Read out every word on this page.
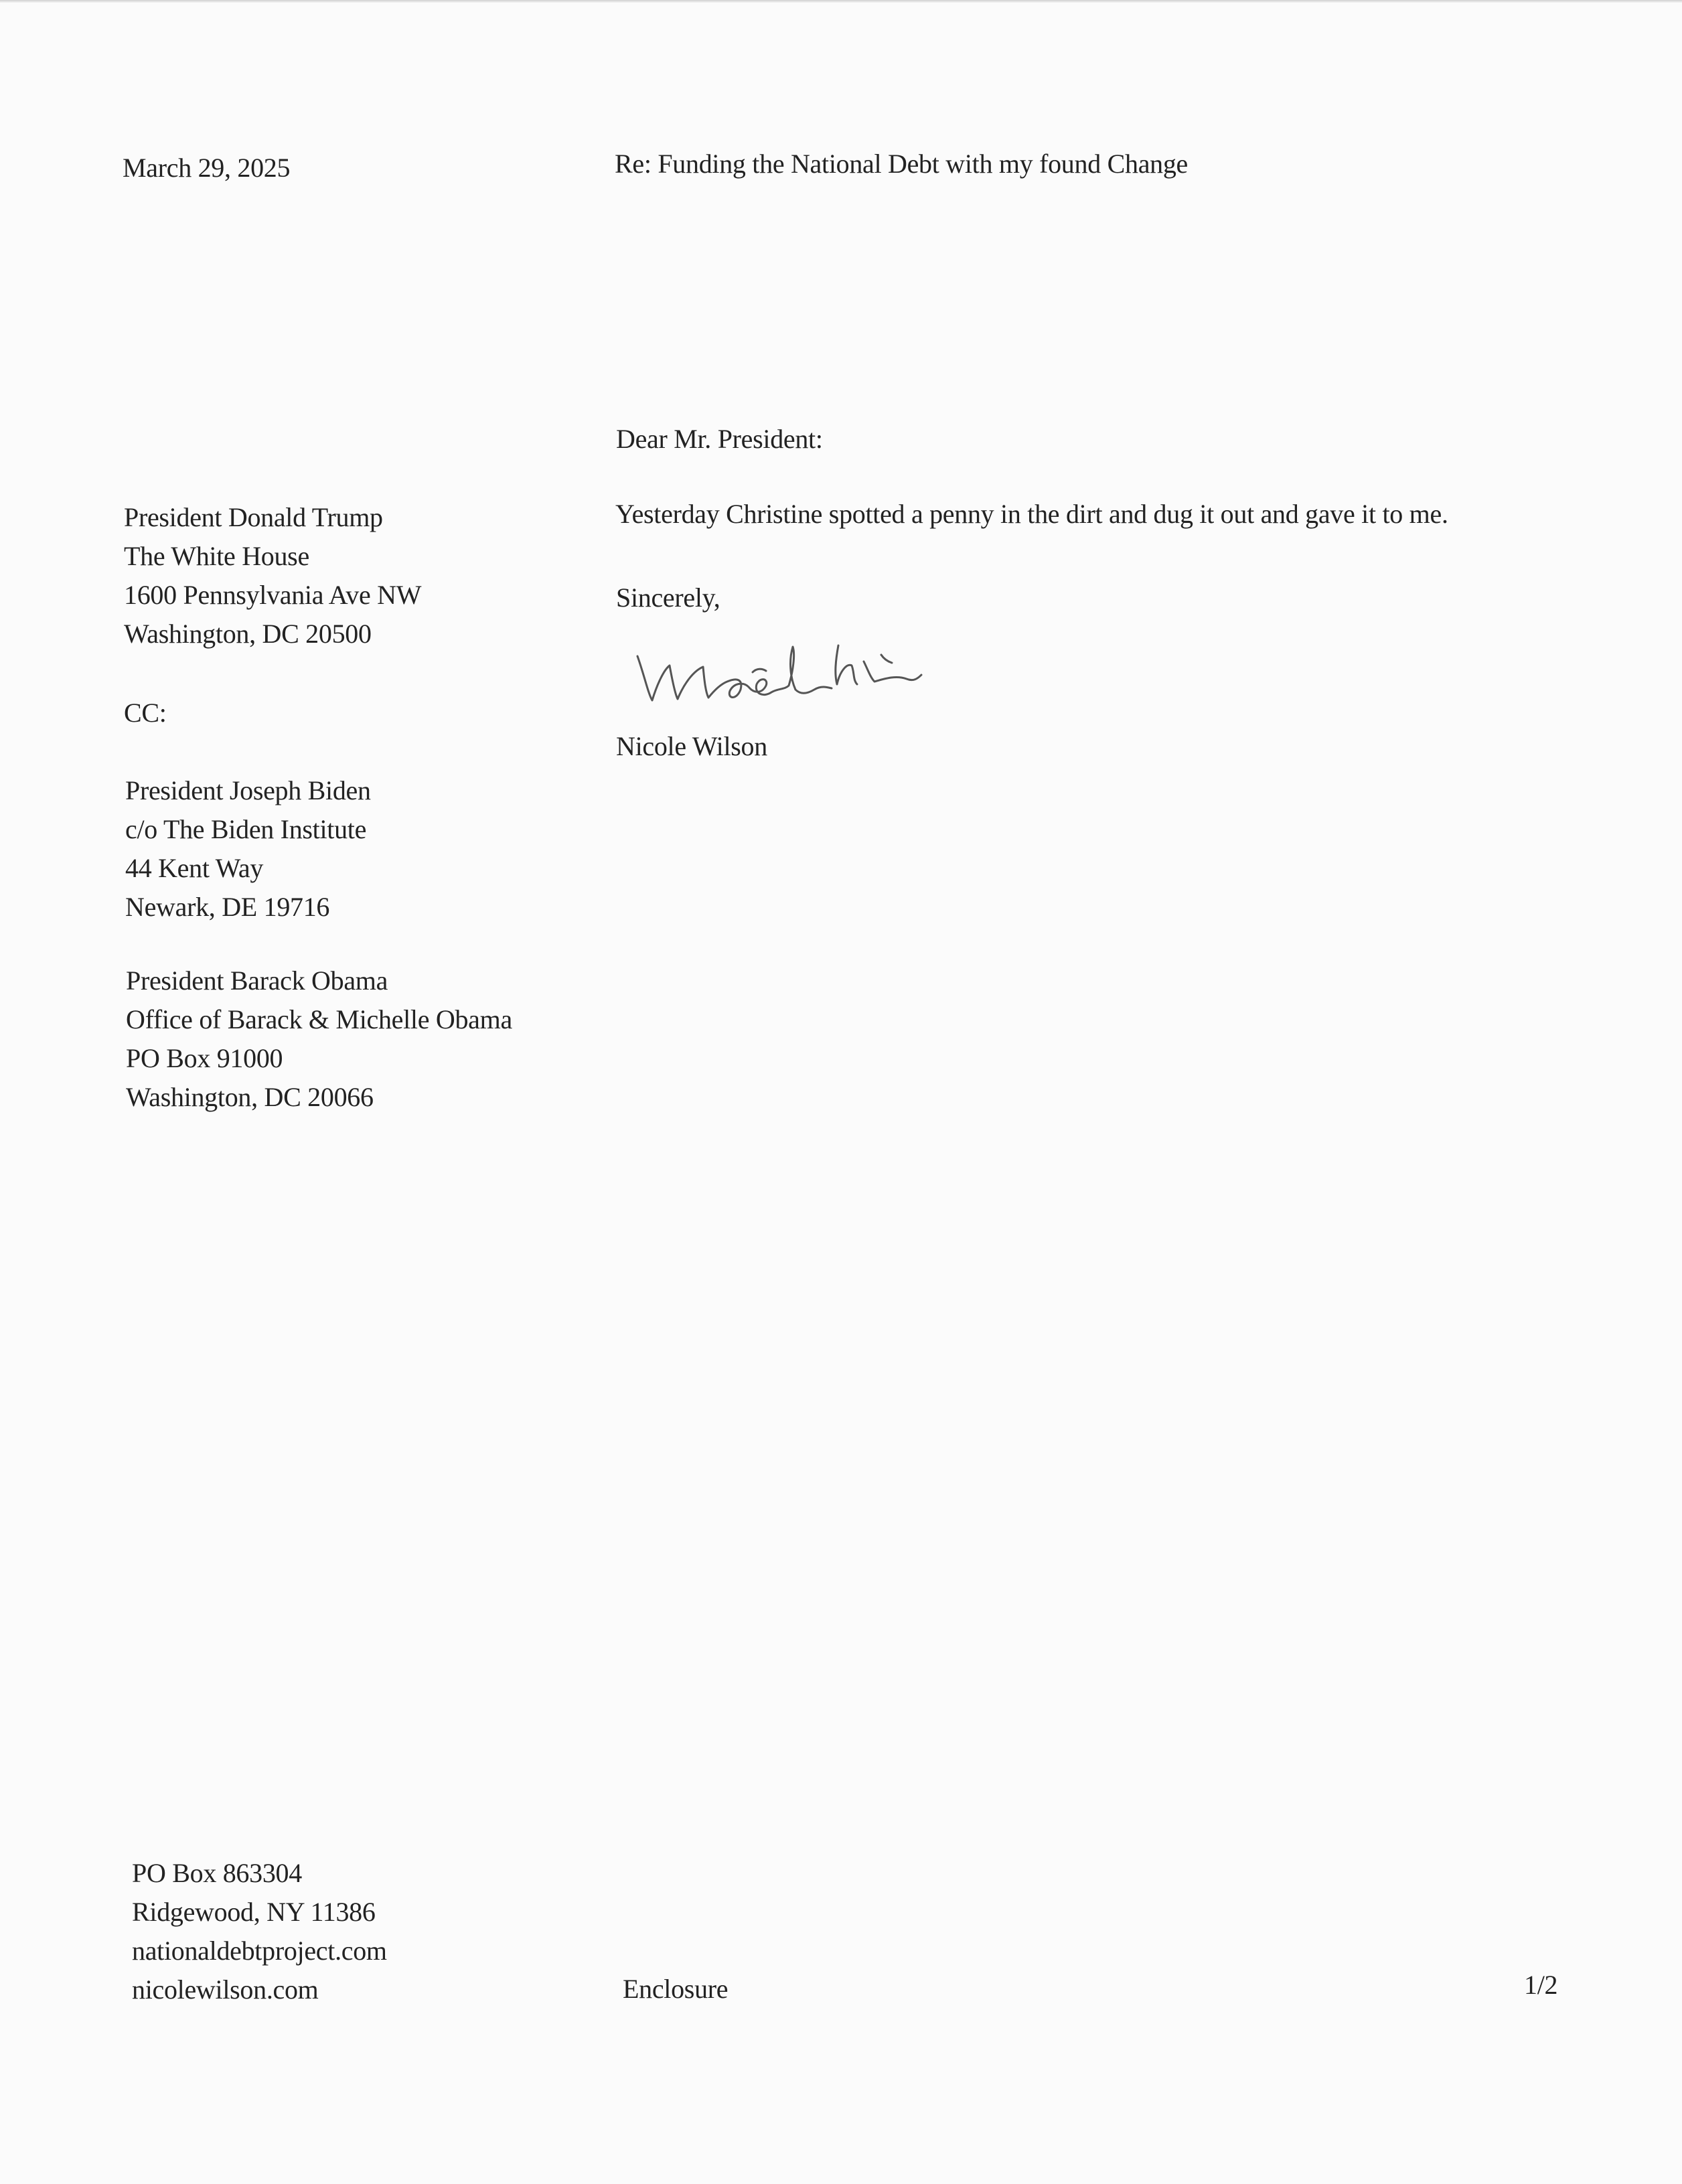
March 29, 2025	Re: Funding the National Debt with my found Change
Dear Mr. President:
President Donald Trump
The White House
1600 Pennsylvania Ave NW
Washington, DC 20500
Yesterday Christine spotted a penny in the dirt and dug it out and gave it to me.
Sincerely,
Nicole Wilson
CC:
President Joseph Biden
c/o The Biden Institute
44 Kent Way
Newark, DE 19716
President Barack Obama
Office of Barack & Michelle Obama
PO Box 91000
Washington, DC 20066
PO Box 863304
Ridgewood, NY 11386
nationaldebtproject.com
nicolewilson.com	Enclosure	1/2
